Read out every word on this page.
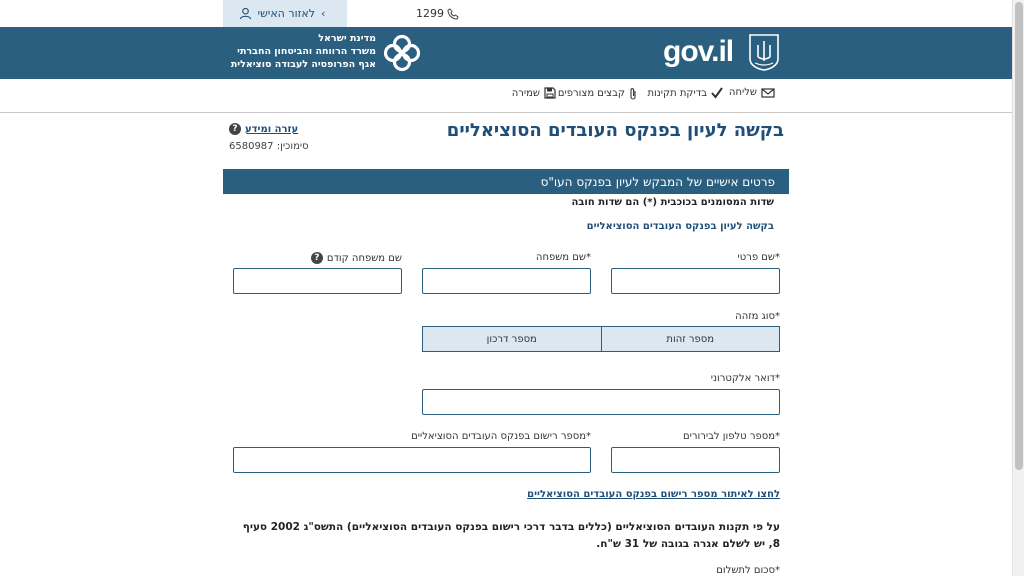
›
לאזור האישי	1299
מדינת ישראל
משרד הרווחה והביטחון החברתי
אגף הפרופסיה לעבודה סוציאלית	gov.il
שליחה
בדיקת תקינות
קבצים מצורפים
שמירה
בקשה לעיון בפנקס העובדים הסוציאליים
? עזרה ומידע
סימוכין: 6580987
פרטים אישיים של המבקש לעיון בפנקס העו"ס
שדות המסומנים בכוכבית (*) הם שדות חובה
בקשה לעיון בפנקס העובדים הסוציאליים
*שם פרטי
*שם משפחה
שם משפחה קודם
?
*סוג מזהה
מספר זהות
מספר דרכון
*דואר אלקטרוני
*מספר טלפון לבירורים
*מספר רישום בפנקס העובדים הסוציאליים
לחצו לאיתור מספר רישום בפנקס העובדים הסוציאליים
על פי תקנות העובדים הסוציאליים (כללים בדבר דרכי רישום בפנקס העובדים הסוציאליים) התשס"ג 2002 סעיף 8, יש לשלם אגרה בגובה של 31 ש"ח.
*סכום לתשלום
